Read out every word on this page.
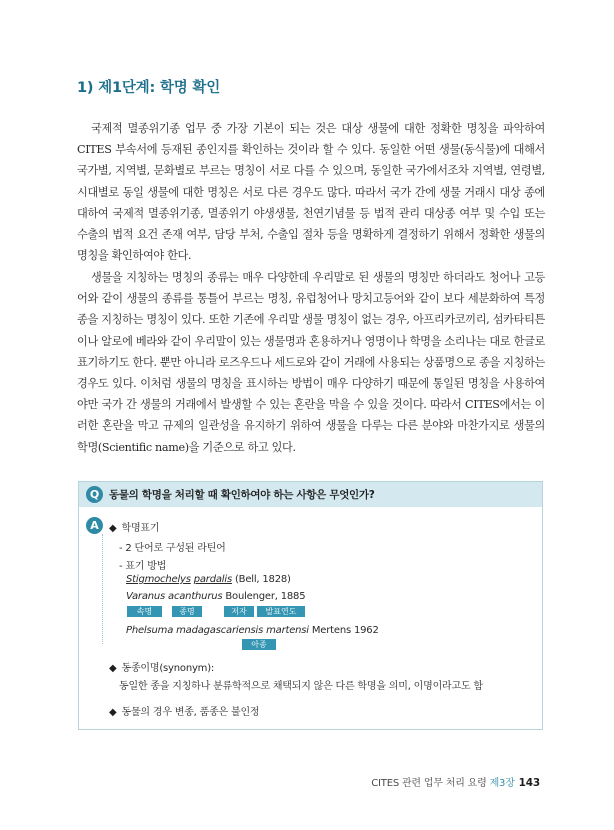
1) 제1단계: 학명 확인

국제적 멸종위기종 업무 중 가장 기본이 되는 것은 대상 생물에 대한 정확한 명칭을 파악하여 CITES 부속서에 등재된 종인지를 확인하는 것이라 할 수 있다. 동일한 어떤 생물(동식물)에 대해서 국가별, 지역별, 문화별로 부르는 명칭이 서로 다를 수 있으며, 동일한 국가에서조차 지역별, 연령별, 시대별로 동일 생물에 대한 명칭은 서로 다른 경우도 많다. 따라서 국가 간에 생물 거래시 대상 종에 대하여 국제적 멸종위기종, 멸종위기 야생생물, 천연기념물 등 법적 관리 대상종 여부 및 수입 또는 수출의 법적 요건 존재 여부, 담당 부처, 수출입 절차 등을 명확하게 결정하기 위해서 정확한 생물의 명칭을 확인하여야 한다.

생물을 지칭하는 명칭의 종류는 매우 다양한데 우리말로 된 생물의 명칭만 하더라도 청어나 고등어와 같이 생물의 종류를 통틀어 부르는 명칭, 유럽청어나 망치고등어와 같이 보다 세분화하여 특정 종을 지칭하는 명칭이 있다. 또한 기존에 우리말 생물 명칭이 없는 경우, 아프리카코끼리, 섬카타티튼이나 알로에 베라와 같이 우리말이 있는 생물명과 혼용하거나 영명이나 학명을 소리나는 대로 한글로 표기하기도 한다. 뿐만 아니라 로즈우드나 세드로와 같이 거래에 사용되는 상품명으로 종을 지칭하는 경우도 있다. 이처럼 생물의 명칭을 표시하는 방법이 매우 다양하기 때문에 통일된 명칭을 사용하여야만 국가 간 생물의 거래에서 발생할 수 있는 혼란을 막을 수 있을 것이다. 따라서 CITES에서는 이러한 혼란을 막고 규제의 일관성을 유지하기 위하여 생물을 다루는 다른 분야와 마찬가지로 생물의 학명(Scientific name)을 기준으로 하고 있다.

Q 동물의 학명을 처리할 때 확인하여야 하는 사항은 무엇인가?
A	◆ 학명표기
- 2 단어로 구성된 라틴어
- 표기 방법
Stigmochelys pardalis (Bell, 1828)
Varanus acanthurus Boulenger, 1885
속명	종명	저자	발표연도
Phelsuma madagascariensis martensi Mertens 1962
아종
◆ 동종이명(synonym):
동일한 종을 지칭하나 분류학적으로 채택되지 않은 다른 학명을 의미, 이명이라고도 함
◆ 동물의 경우 변종, 품종은 불인정
CITES 관련 업무 처리 요령 제3장 143
